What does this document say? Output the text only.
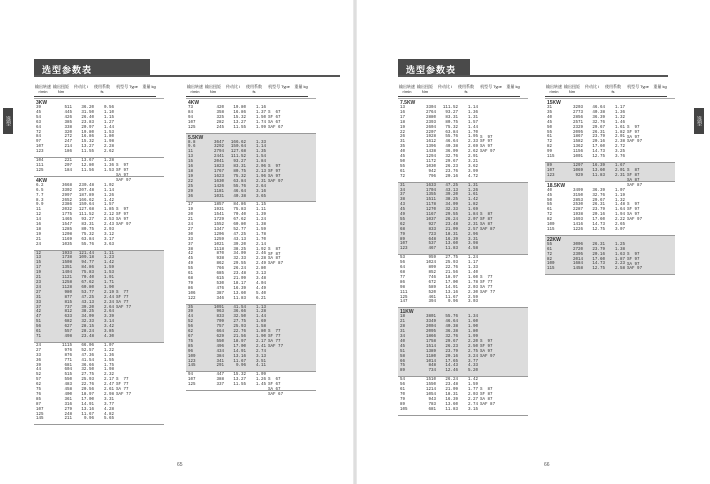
选型参数表
选型
选型参数表
选型
65	66
输出转速 r/min
输出扭矩 Nm
传动比 i	使用系数 fs
机型号 Type	重量 kg	输出转速 r/min
输出扭矩 Nm
传动比 i	使用系数 fs
机型号 Type	重量 kg
3KW
39	511	36.20	0.56
45	445	31.50	1.10
54	426	26.40	1.15
63	385	23.83	1.27
64	338	20.97	1.44
72	320	19.80	1.53
84	272	16.86	1.80
97	247	15.32	1.98
107	214	13.27	2.28
123	186	11.55	2.62
104	221	13.67	1.28
111	207	12.80	1.36
125	184	11.56	1.53
S  97
SF 97
SA 97
SAF 97
4KW
6.2	3668	230.48	1.02
6.5	3302	207.48	1.14
7.7	2997	187.89	1.26
8.3	2652	166.62	1.42
9.9	2386	150.64	1.57
11	2032	127.68	1.85
12	1775	111.52	2.12
14	1465	93.27	2.53
16	1547	83.31	2.43
18	1285	80.75	2.93
19	1208	75.32	3.12
21	1169	63.84	3.17
24	1035	55.76	3.63
S  97
SF 97
SA 97
SAF 97
12	1933	121.44	1.11
13	1738	109.18	1.23
15	1508	94.77	1.42
17	1351	84.86	1.59
19	1404	75.83	1.53
21	1121	70.40	1.91
23	1258	67.62	1.71
24	1128	60.80	1.90
27	980	53.77	2.19
31	877	47.25	2.44
33	815	43.13	2.34
37	737	39.20	2.64
42	812	38.25	2.64
47	633	34.09	3.39
51	682	32.33	3.14
56	627	28.15	3.42
61	557	28.24	3.85
71	498	23.48	4.30
S  77
SF 77
SA 77
SAF 77
24	1115	66.06	1.07
27	976	52.57	1.22
33	876	47.36	1.36
36	771	41.54	1.55
39	681	36.66	1.75
44	604	32.50	1.98
52	515	27.75	2.32
57	550	25.93	2.17
62	483	22.76	2.47
75	458	20.56	2.61
76	400	18.97	2.98
85	361	17.00	3.31
87	316	14.91	3.77
107	279	13.16	4.28
125	248	11.67	4.82
145	211	9.96	5.65
S  77
SF 77
SA 77
SAF 77
4KW
73	420	19.80	1.16
84	358	16.86	1.37
94	325	15.32	1.50
107	282	13.27	1.74
125	245	11.55	1.99
S  67
SF 67
SA 67
SAF 67
5.5KW
8.8	3647	166.62	1.33
9.6	3292	150.64	1.14
11	2794	127.68	1.35
13	2441	111.52	1.54
15	2041	93.27	1.84
16	1823	83.31	2.06
18	1767	80.75	2.13
19	1623	75.32	1.96
22	1630	63.84	2.31
25	1426	55.76	2.64
29	1181	46.64	3.16
36	1031	40.38	3.65
S  97
SF 97
SA 97
SAF 97
17	1857	84.86	1.15
19	1931	75.83	1.11
20	1541	70.40	1.39
21	1729	67.62	1.24
24	1552	60.80	1.38
27	1347	52.77	1.59
30	1206	47.25	1.78
33	1259	43.13	1.70
37	1021	39.20	2.14
38	1118	38.25	1.92
42	870	34.09	2.46
45	938	32.33	2.28
49	862	29.55	2.49
55	766	26.24	2.80
61	685	23.48	3.13
68	615	21.09	3.48
79	530	18.17	4.04
86	476	16.39	4.49
106	387	13.60	5.40
122	346	11.83	6.21
S  87
SF 87
SA 87
SAF 87
35	1091	41.54	1.13
39	963	36.66	1.28
44	833	32.50	1.44
52	709	27.75	1.69
56	757	25.93	1.58
62	664	22.76	1.80
67	629	21.56	1.90
75	550	18.97	2.17
85	496	17.00	2.41
96	434	14.91	2.74
109	384	13.16	3.13
123	341	11.67	3.51
145	291	9.96	4.11
S  77
SF 77
SA 77
SAF 77
94	447	15.32	1.09
107	388	13.27	1.26
125	337	11.55	1.45
S  67
SF 67
SA 67
SAF 67
输出转速 r/min
输出扭矩 Nm
传动比 i	使用系数 fs
机型号 Type	重量 kg	输出转速 r/min
输出扭矩 Nm
传动比 i	使用系数 fs
机型号 Type	重量 kg
7.5KW
13	3304	111.52	1.14
16	2764	93.27	1.36
17	2880	83.31	1.31
18	2393	80.75	1.57
19	2604	75.32	1.44
22	2207	63.84	1.70
26	1928	55.76	1.95
31	1612	46.64	2.33
35	1396	40.38	2.69
40	1438	36.09	2.62
45	1294	32.76	2.91
50	1172	29.67	3.21
55	1030	26.23	3.62
61	942	23.76	3.99
72	796	20.16	4.72
S  97
SF 97
SA 97
SAF 97
31	1633	47.25	1.31
34	1704	43.13	1.26
37	1355	39.20	1.61
38	1511	38.25	1.42
43	1178	34.09	1.82
45	1270	32.33	1.69
49	1167	29.55	1.84
55	1037	26.24	2.07
62	927	23.48	2.31
68	833	21.09	2.57
79	723	18.31	2.96
89	648	16.39	3.31
107	537	13.60	3.98
123	467	11.83	4.58
S  87
SF 87
SA 87
SAF 87
53	959	27.75	1.24
56	1024	25.93	1.17
64	899	22.76	1.33
68	852	21.56	1.40
77	746	18.97	1.60
86	672	17.00	1.78
98	589	14.91	2.03
111	520	13.16	2.30
125	461	11.67	2.59
147	394	9.96	3.03
S  77
SF 77
SA 77
SAF 77
11KW
18	3801	55.76	1.34
21	3349	46.64	1.60
28	2004	40.38	1.90
31	2095	36.38	1.80
34	1866	32.76	1.99
40	1758	29.67	2.20
45	1514	26.23	2.50
51	1389	23.79	2.75
58	1180	20.16	3.24
66	1014	17.65	3.77
75	848	14.43	4.33
89	734	12.46	5.20
S  97
SF 97
SA 97
SAF 97
54	1510	26.24	1.42
56	1550	23.48	1.59
61	1214	21.09	1.77
70	1054	18.31	2.03
79	943	16.39	2.27
89	783	13.60	2.74
105	681	11.83	3.15
S  87
SF 87
SA 87
SAF 87
15KW
31	3203	46.64	1.17
35	2773	40.38	1.36
40	2856	36.39	1.32
45	2571	32.76	1.46
50	2329	29.67	1.61
55	2095	26.31	1.82
61	1867	23.79	2.01
72	1582	20.16	2.38
82	1362	17.60	2.72
99	1156	14.73	3.25
115	1001	12.75	3.76
S  97
SF 97
SA 97
SAF 97
89	1297	16.39	1.67
107	1069	13.60	2.01
123	929	11.83	2.31
S  87
SF 87
SA 87
SAF 87
18.5KW
40	3499	36.39	1.07
45	3150	32.76	1.19
50	2853	29.67	1.32
55	2530	26.31	1.48
61	2287	23.79	1.64
72	1938	20.16	1.94
82	1693	17.60	2.22
100	1416	14.73	2.65
115	1226	12.75	3.07
S  97
SF 97
SA 97
SAF 97
22KW
55	3006	26.31	1.25
61	2720	23.79	1.38
72	2305	20.16	1.63
82	2014	17.60	1.87
100	1684	14.73	2.23
115	1458	12.75	2.58
S  97
SF 97
SA 97
SAF 97
